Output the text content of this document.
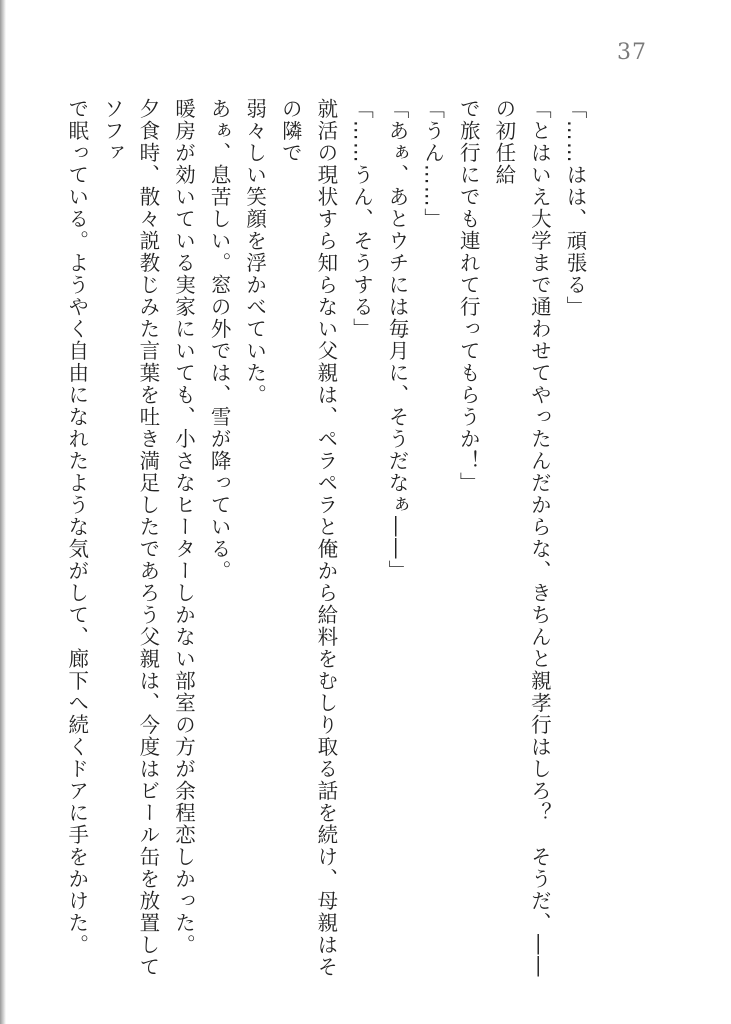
37

「……はは、頑張る」

「とはいえ大学まで通わせてやったんだからな、きちんと親孝行はしろ？　そうだ、――の初任給

で旅行にでも連れて行ってもらうか！」

「うん……」

「あぁ、あとウチには毎月に、そうだなぁ――」

「……うん、そうする」

就活の現状すら知らない父親は、ペラペラと俺から給料をむしり取る話を続け、母親はその隣で

弱々しい笑顔を浮かべていた。

あぁ、息苦しい。窓の外では、雪が降っている。

暖房が効いている実家にいても、小さなヒーターしかない部室の方が余程恋しかった。

夕食時、散々説教じみた言葉を吐き満足したであろう父親は、今度はビール缶を放置してソファ

で眠っている。ようやく自由になれたような気がして、廊下へ続くドアに手をかけた。
